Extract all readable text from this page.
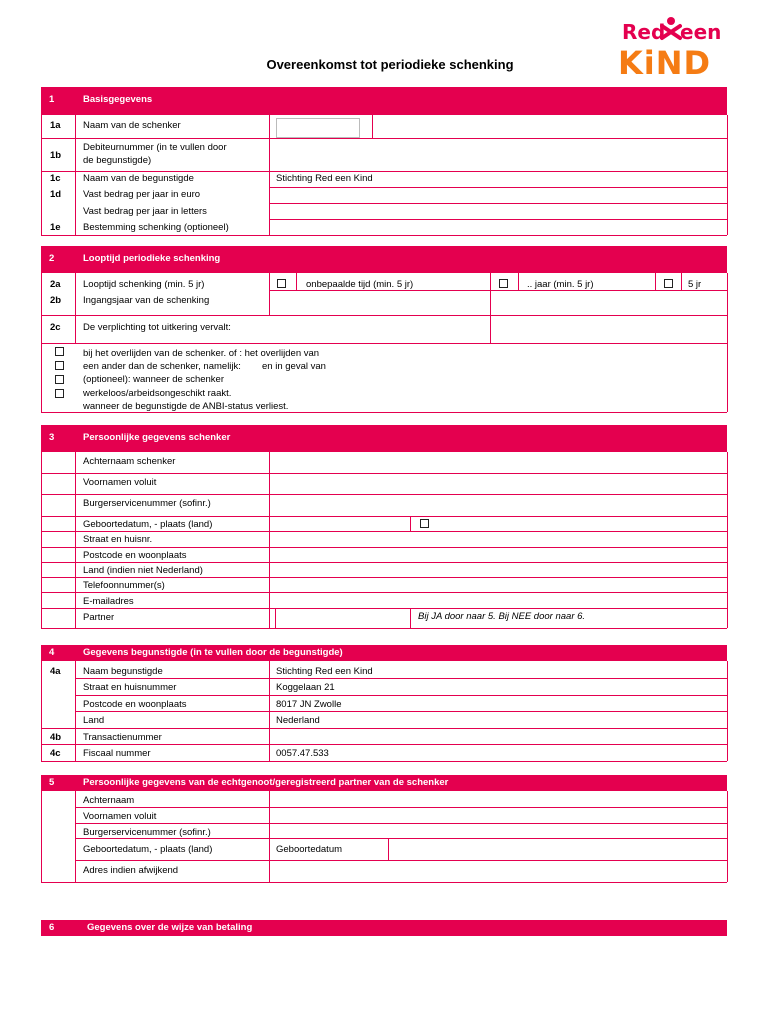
Red een
KiND
Overeenkomst tot periodieke schenking
1	Basisgegevens
1a Naam van de schenker
1b
Debiteurnummer (in te vullen door
de begunstigde)
1c Naam van de begunstigde	Stichting Red een Kind
1d Vast bedrag per jaar in euro
Vast bedrag per jaar in letters
1e Bestemming schenking (optioneel)
2	Looptijd periodieke schenking
2a Looptijd schenking (min. 5 jr)	onbepaalde tijd (min. 5 jr)	.. jaar (min. 5 jr)	5 jr
2b Ingangsjaar van de schenking
2c De verplichting tot uitkering vervalt:
bij het overlijden van de schenker. of : het overlijden van
een ander dan de schenker, namelijk:        en in geval van
(optioneel): wanneer de schenker
werkeloos/arbeidsongeschikt raakt.
wanneer de begunstigde de ANBI-status verliest.
3	Persoonlijke gegevens schenker
Achternaam schenker
Voornamen voluit
Burgerservicenummer (sofinr.)
Geboortedatum, - plaats (land)
Straat en huisnr.
Postcode en woonplaats
Land (indien niet Nederland)
Telefoonnummer(s)
E-mailadres
Partner	Bij JA door naar 5. Bij NEE door naar 6.
4	Gegevens begunstigde (in te vullen door de begunstigde)
4a Naam begunstigde	Stichting Red een Kind
Straat en huisnummer	Koggelaan 21
Postcode en woonplaats	8017 JN Zwolle
Land	Nederland
4b Transactienummer
4c Fiscaal nummer	0057.47.533
5	Persoonlijke gegevens van de echtgenoot/geregistreerd partner van de schenker
Achternaam
Voornamen voluit
Burgerservicenummer (sofinr.)
Geboortedatum, - plaats (land)	Geboortedatum
Adres indien afwijkend
6	Gegevens over de wijze van betaling
